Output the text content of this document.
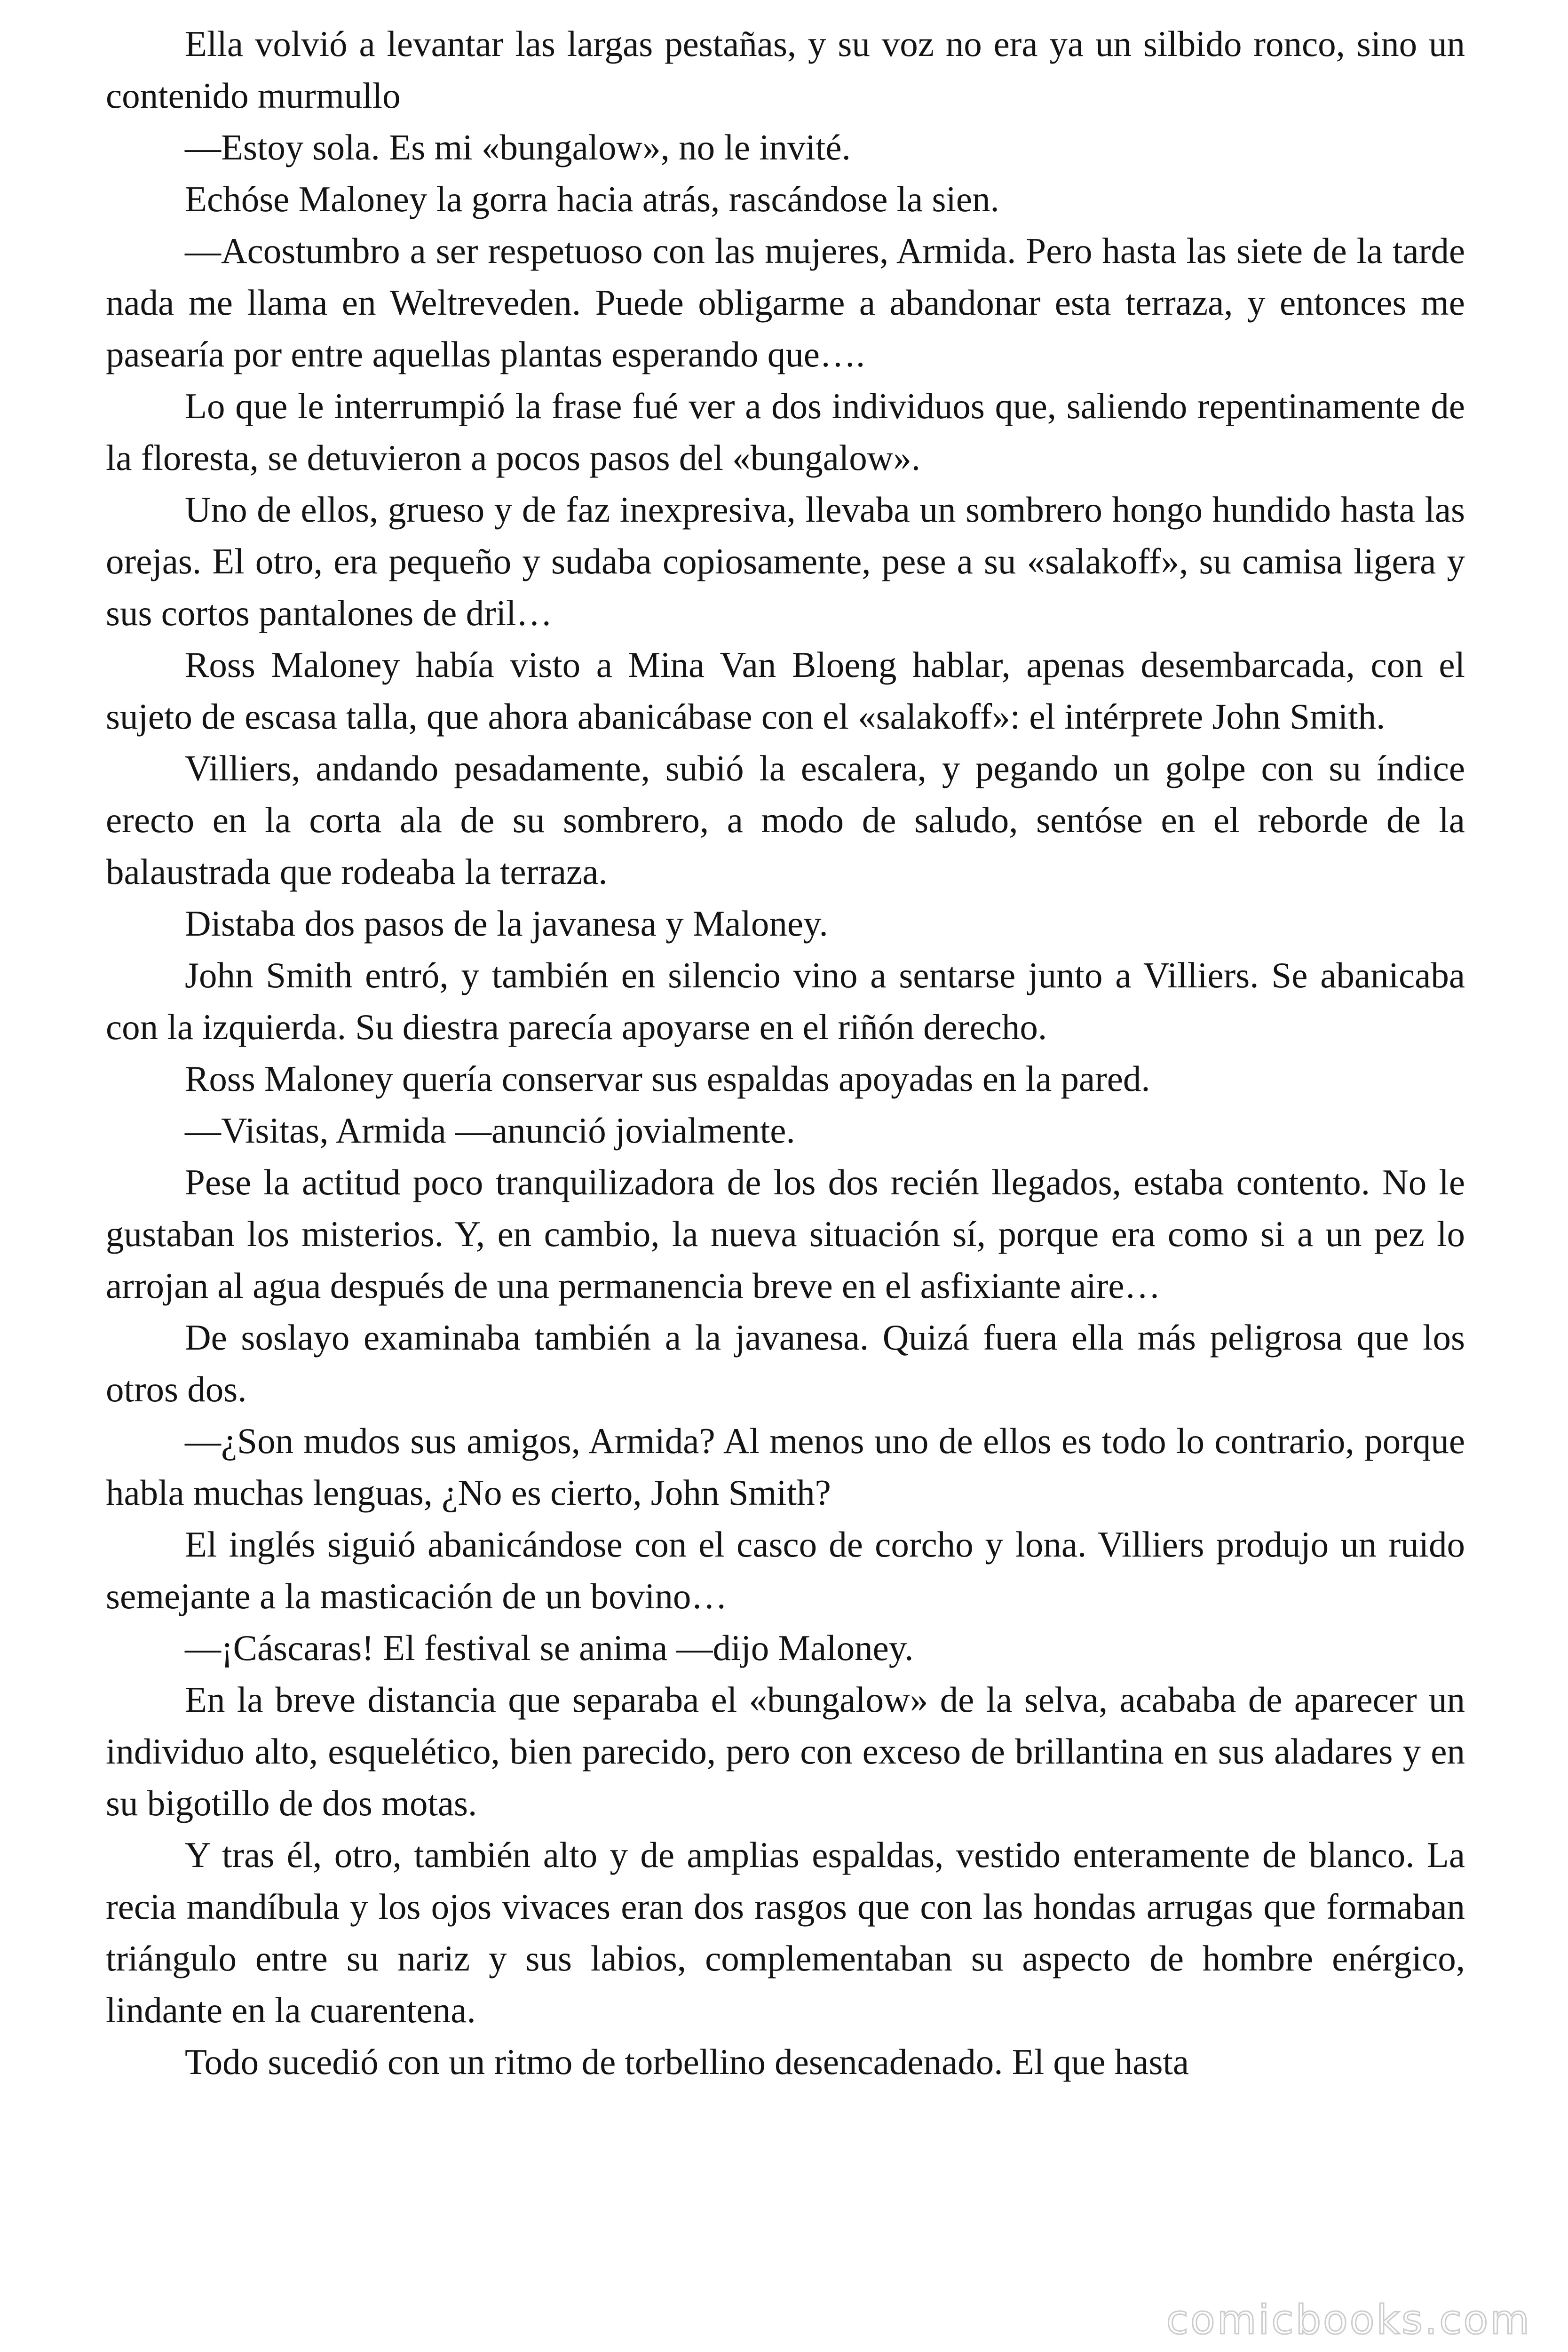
Ella volvió a levantar las largas pestañas, y su voz no era ya un silbido ronco, sino un contenido murmullo

—Estoy sola. Es mi «bungalow», no le invité.

Echóse Maloney la gorra hacia atrás, rascándose la sien.

—Acostumbro a ser respetuoso con las mujeres, Armida. Pero hasta las siete de la tarde nada me llama en Weltreveden. Puede obligarme a abandonar esta terraza, y entonces me pasearía por entre aquellas plantas esperando que….

Lo que le interrumpió la frase fué ver a dos individuos que, saliendo repentinamente de la floresta, se detuvieron a pocos pasos del «bungalow».

Uno de ellos, grueso y de faz inexpresiva, llevaba un sombrero hongo hundido hasta las orejas. El otro, era pequeño y sudaba copiosamente, pese a su «salakoff», su camisa ligera y sus cortos pantalones de dril…

Ross Maloney había visto a Mina Van Bloeng hablar, apenas desembarcada, con el sujeto de escasa talla, que ahora abanicábase con el «salakoff»: el intérprete John Smith.

Villiers, andando pesadamente, subió la escalera, y pegando un golpe con su índice erecto en la corta ala de su sombrero, a modo de saludo, sentóse en el reborde de la balaustrada que rodeaba la terraza.

Distaba dos pasos de la javanesa y Maloney.

John Smith entró, y también en silencio vino a sentarse junto a Villiers. Se abanicaba con la izquierda. Su diestra parecía apoyarse en el riñón derecho.

Ross Maloney quería conservar sus espaldas apoyadas en la pared.

—Visitas, Armida —anunció jovialmente.

Pese la actitud poco tranquilizadora de los dos recién llegados, estaba contento. No le gustaban los misterios. Y, en cambio, la nueva situación sí, porque era como si a un pez lo arrojan al agua después de una permanencia breve en el asfixiante aire…

De soslayo examinaba también a la javanesa. Quizá fuera ella más peligrosa que los otros dos.

—¿Son mudos sus amigos, Armida? Al menos uno de ellos es todo lo contrario, porque habla muchas lenguas, ¿No es cierto, John Smith?

El inglés siguió abanicándose con el casco de corcho y lona. Villiers produjo un ruido semejante a la masticación de un bovino…

—¡Cáscaras! El festival se anima —dijo Maloney.

En la breve distancia que separaba el «bungalow» de la selva, acababa de aparecer un individuo alto, esquelético, bien parecido, pero con exceso de brillantina en sus aladares y en su bigotillo de dos motas.

Y tras él, otro, también alto y de amplias espaldas, vestido enteramente de blanco. La recia mandíbula y los ojos vivaces eran dos rasgos que con las hondas arrugas que formaban triángulo entre su nariz y sus labios, complementaban su aspecto de hombre enérgico, lindante en la cuarentena.

Todo sucedió con un ritmo de torbellino desencadenado. El que hasta

comicbooks.com
